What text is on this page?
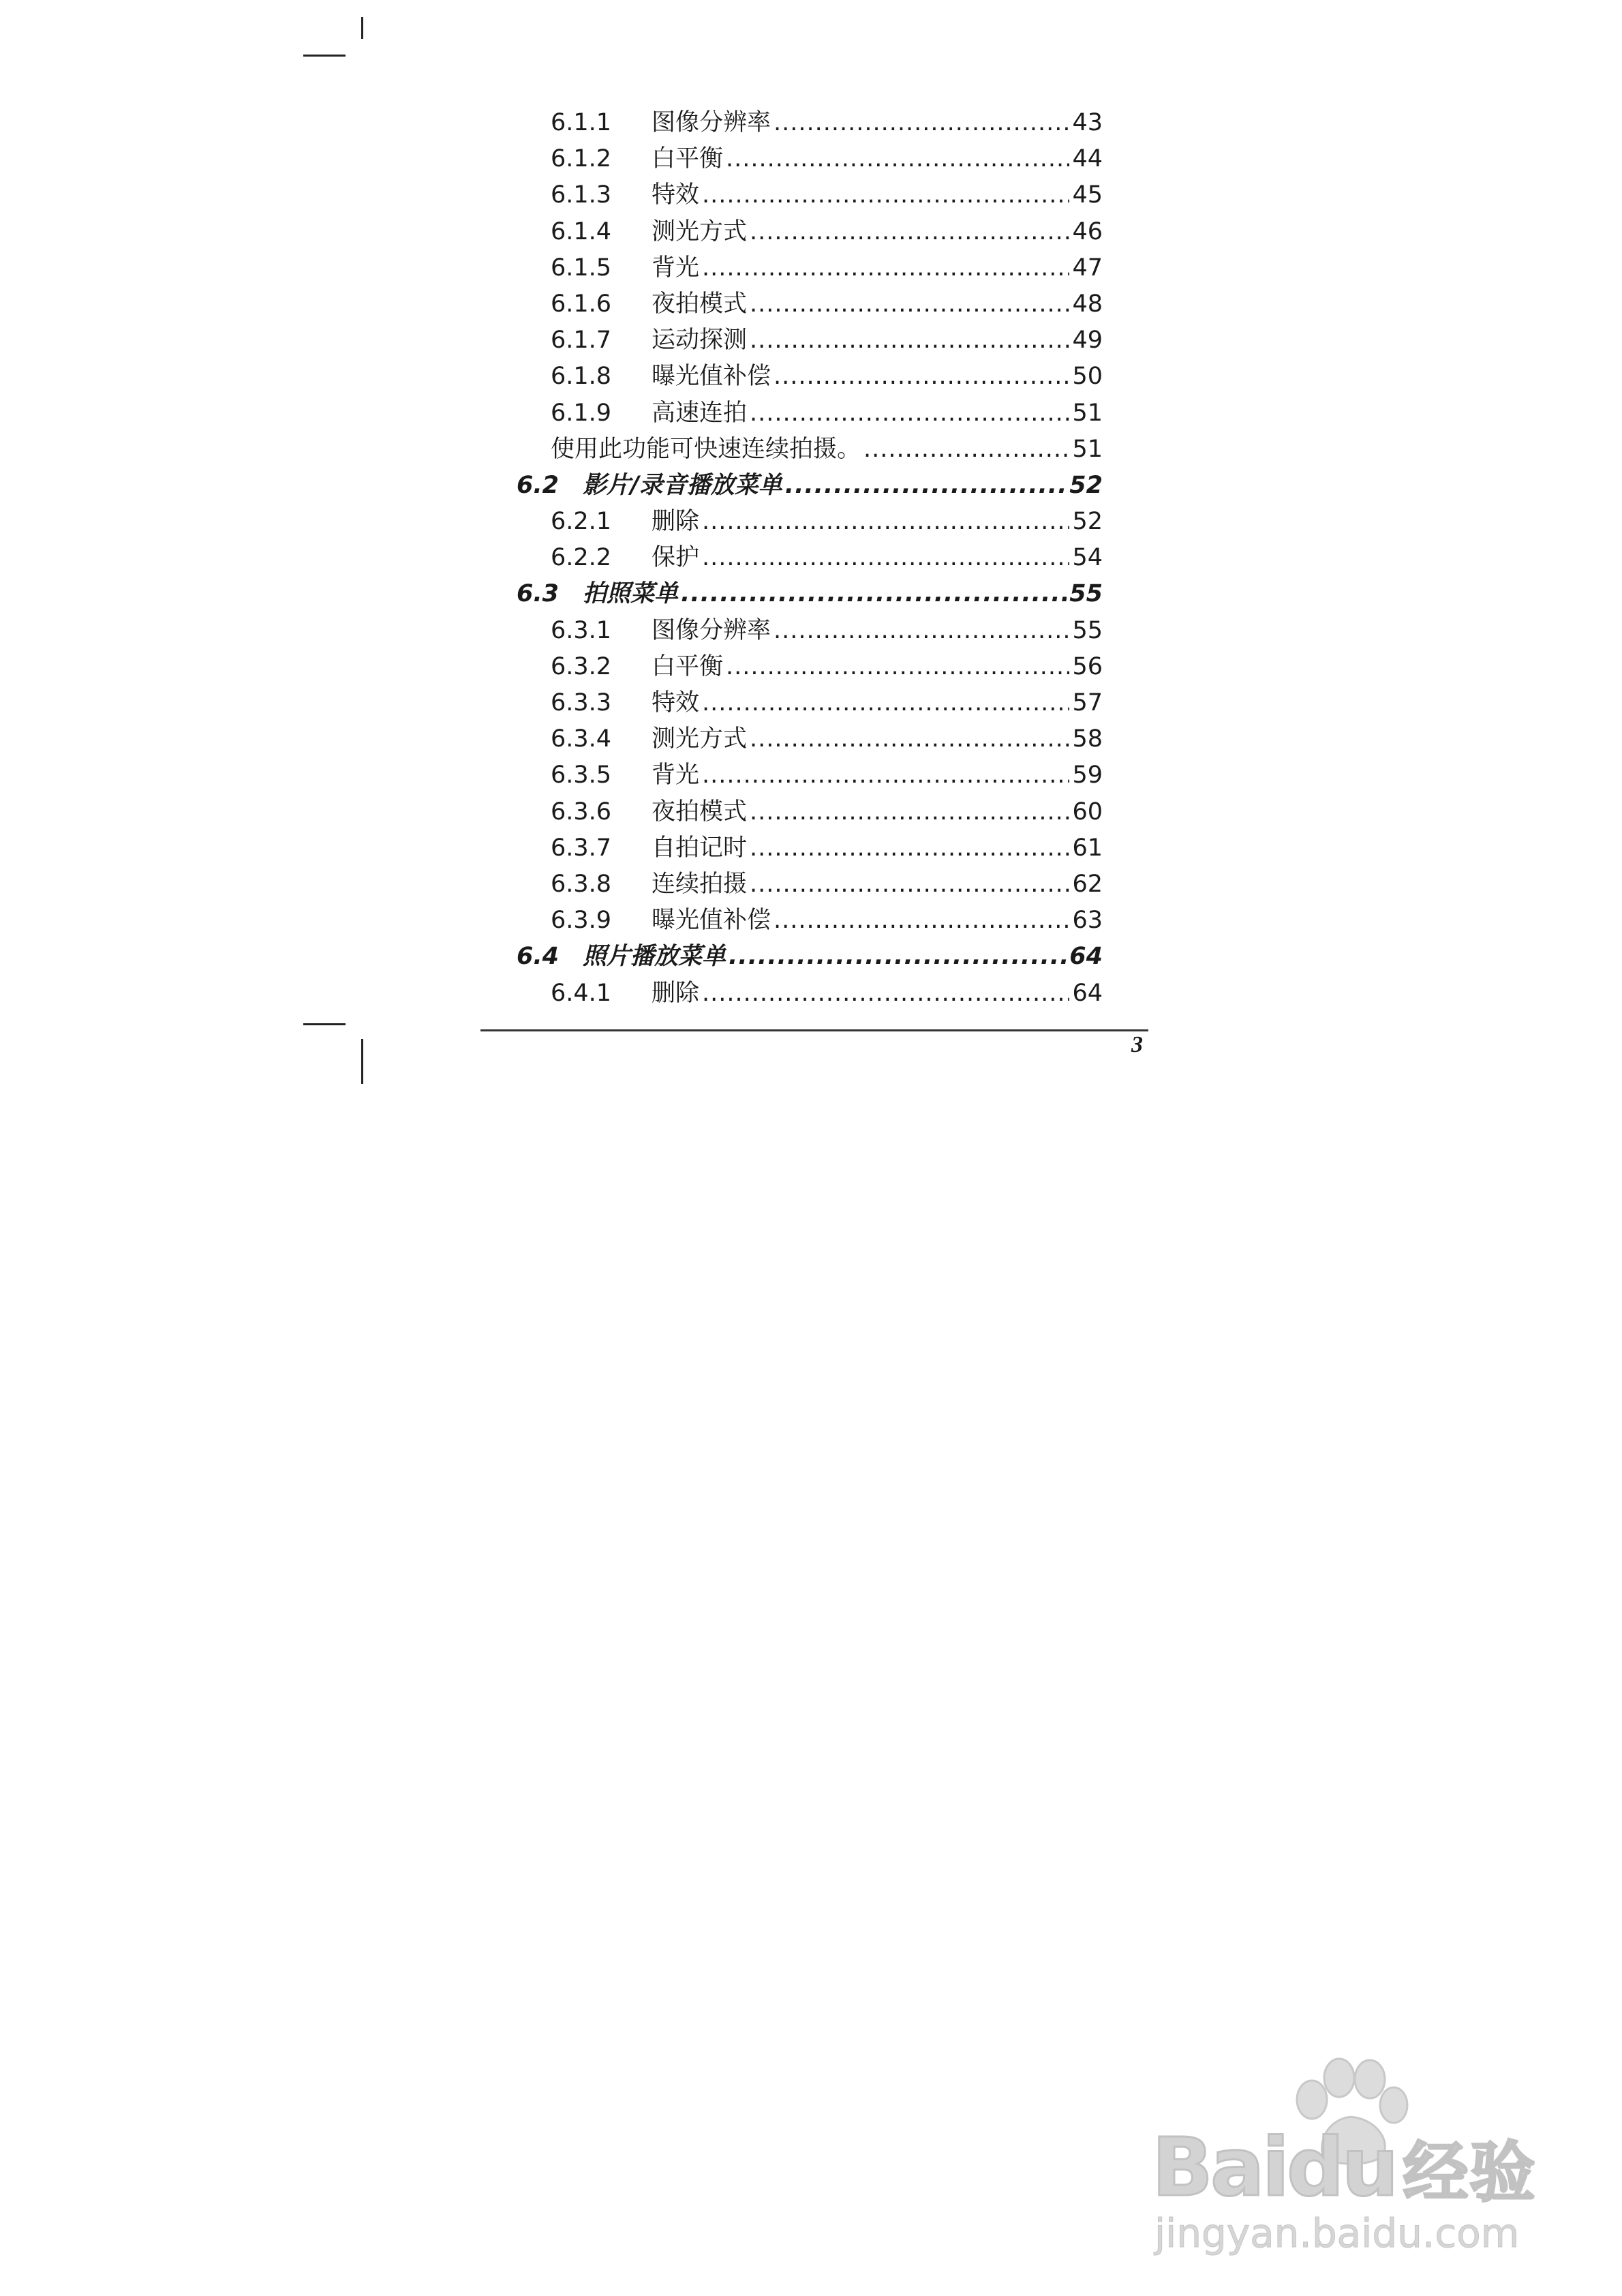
6.1.1	图像分辨率 .....	43
6.1.2	白平衡 .....	44
6.1.3	特效 .....	45
6.1.4	测光方式 .....	46
6.1.5	背光 .....	47
6.1.6	夜拍模式 .....	48
6.1.7	运动探测 .....	49
6.1.8	曝光值补偿 .....	50
6.1.9	高速连拍 .....	51
使用此功能可快速连续拍摄。 .....	51
6.2 影片/录音播放菜单 .....	52
6.2.1	删除 .....	52
6.2.2	保护 .....	54
6.3 拍照菜单 .....	55
6.3.1	图像分辨率 .....	55
6.3.2	白平衡 .....	56
6.3.3	特效 .....	57
6.3.4	测光方式 .....	58
6.3.5	背光 .....	59
6.3.6	夜拍模式 .....	60
6.3.7	自拍记时 .....	61
6.3.8	连续拍摄 .....	62
6.3.9	曝光值补偿 .....	63
6.4 照片播放菜单 .....	64
6.4.1	删除 .....	64
3
Baidu 经验
jingyan.baidu.com
